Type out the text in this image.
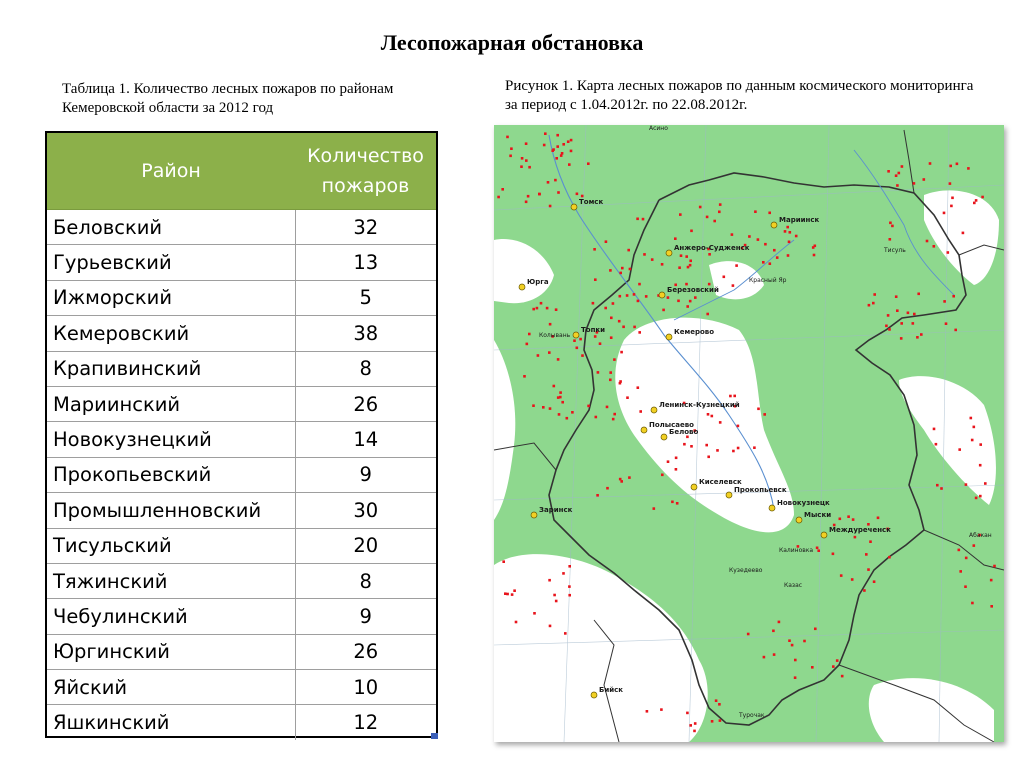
Лесопожарная обстановка
Таблица 1. Количество лесных пожаров по районам Кемеровской области за 2012 год
Рисунок 1. Карта лесных пожаров по данным космического мониторинга за период с 1.04.2012г. по 22.08.2012г.
Район	Количество
пожаров
Беловский	32
Гурьевский	13
Ижморский	5
Кемеровский	38
Крапивинский	8
Мариинский	26
Новокузнецкий	14
Прокопьевский	9
Промышленновский	30
Тисульский	20
Тяжинский	8
Чебулинский	9
Юргинский	26
Яйский	10
Яшкинский	12
Томск
Анжеро-Судженск
Мариинск
Юрга
Березовский
Топки	Кемерово
Ленинск-Кузнецкий
Полысаево
Белово
Киселевск
Прокопьевск
Новокузнецк
Мыски
Междуреченск
Калиновка
Заринск
Бийск
Асино
Тисуль
Красный Яр
Абакан
Кузедеево
Колывань
Турочак
Казас
